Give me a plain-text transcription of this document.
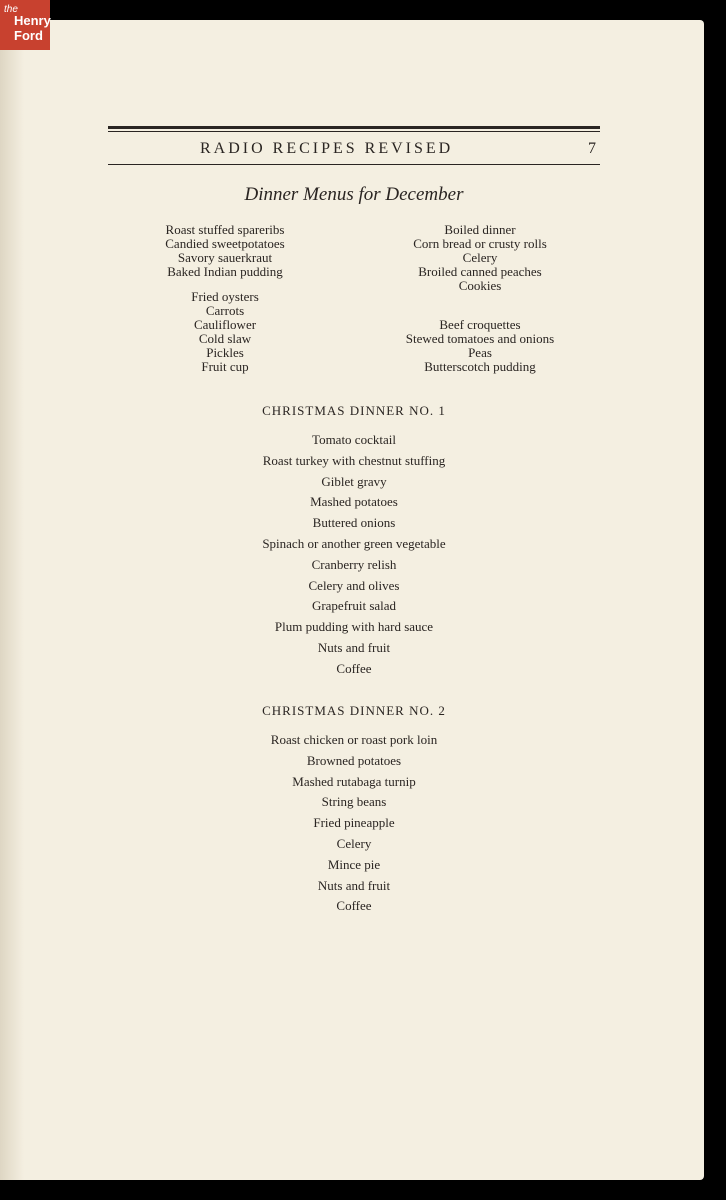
the
Henry
Ford
RADIO RECIPES REVISED	7
Dinner Menus for December
Roast stuffed spareribs
Candied sweetpotatoes
Savory sauerkraut
Baked Indian pudding
Boiled dinner
Corn bread or crusty rolls
Celery
Broiled canned peaches
Cookies
Fried oysters
Carrots
Cauliflower
Cold slaw
Pickles
Fruit cup
Beef croquettes
Stewed tomatoes and onions
Peas
Butterscotch pudding
CHRISTMAS DINNER NO. 1
Tomato cocktail
Roast turkey with chestnut stuffing
Giblet gravy
Mashed potatoes
Buttered onions
Spinach or another green vegetable
Cranberry relish
Celery and olives
Grapefruit salad
Plum pudding with hard sauce
Nuts and fruit
Coffee
CHRISTMAS DINNER NO. 2
Roast chicken or roast pork loin
Browned potatoes
Mashed rutabaga turnip
String beans
Fried pineapple
Celery
Mince pie
Nuts and fruit
Coffee
